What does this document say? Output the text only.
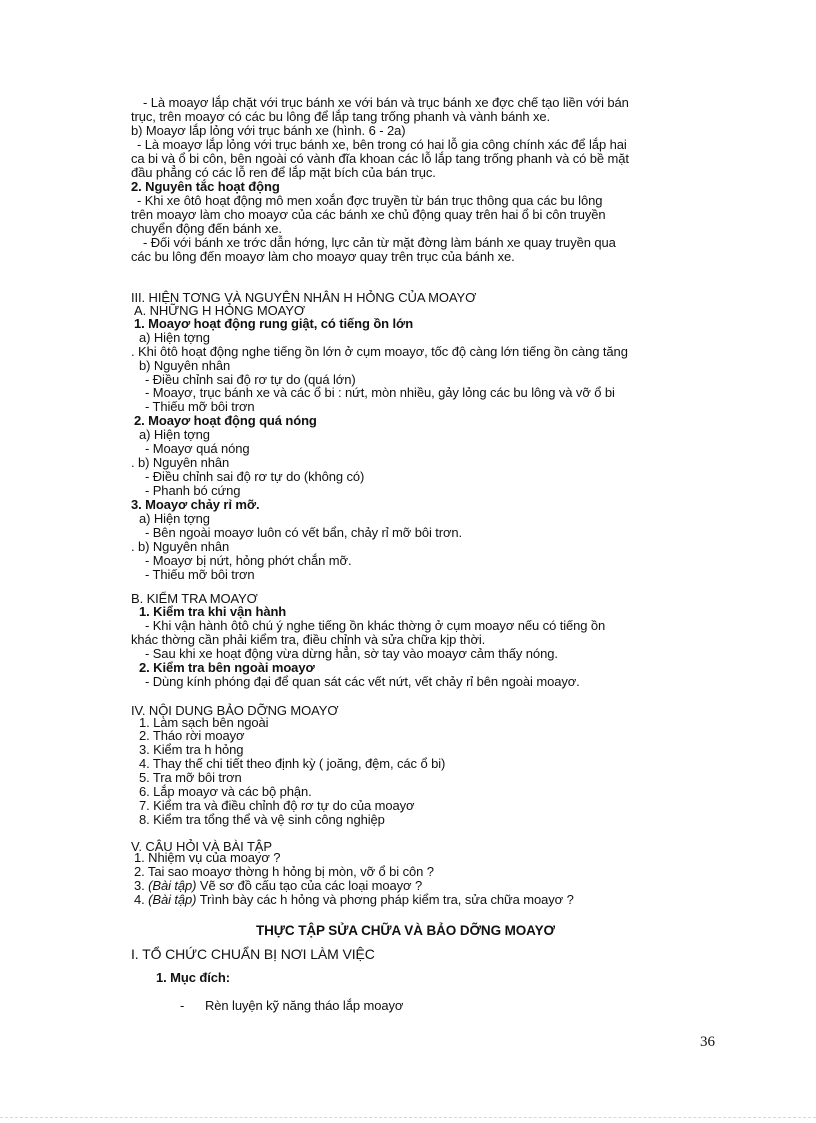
- Là moayơ lắp chặt với trục bánh xe với bán và trục bánh xe đợc chế tạo liền với bán
trục, trên moayơ có các bu lông để lắp tang trống phanh và vành bánh xe.
b) Moayơ lắp lỏng với trục bánh xe (hình. 6 - 2a)
- Là moayơ lắp lỏng với trục bánh xe, bên trong có hai lỗ gia công chính xác để lắp hai
ca bi và ổ bi côn, bên ngoài có vành đĩa khoan các lỗ lắp tang trống phanh và có bề mặt
đầu phẳng có các lỗ ren để lắp mặt bích của bán trục.
2. Nguyên tắc hoạt động
- Khi xe ôtô hoạt động mô men xoắn đợc truyền từ bán trục thông qua các bu lông
trên moayơ làm cho moayơ của các bánh xe chủ động quay trên hai ổ bi côn truyền
chuyển động đến bánh xe.
- Đối với bánh xe trớc dẫn hớng, lực cản từ mặt đờng làm bánh xe quay truyền qua
các bu lông đến moayơ làm cho moayơ quay trên trục của bánh xe.
III. HIỆN TƠNG VÀ NGUYÊN NHÂN H HỎNG CỦA MOAYƠ
A. NHỮNG H HỎNG MOAYƠ
1. Moayơ hoạt động rung giật, có tiếng ồn lớn
a) Hiện tợng
. Khi ôtô hoạt động nghe tiếng ồn lớn ở cụm moayơ, tốc độ càng lớn tiếng ồn càng tăng
b) Nguyên nhân
- Điều chỉnh sai độ rơ tự do (quá lớn)
- Moayơ, trục bánh xe và các ổ bi : nứt, mòn nhiều, gảy lỏng các bu lông và vỡ ổ bi
- Thiếu mỡ bôi trơn
2. Moayơ hoạt động quá nóng
a) Hiện tợng
- Moayơ quá nóng
. b) Nguyên nhân
- Điều chỉnh sai độ rơ tự do (không có)
- Phanh bó cứng
3. Moayơ chảy rỉ mỡ.
a) Hiện tợng
- Bên ngoài moayơ luôn có vết bẩn, chảy rỉ mỡ bôi trơn.
. b) Nguyên nhân
- Moayơ bị nứt, hỏng phớt chắn mỡ.
- Thiếu mỡ bôi trơn
B. KIỂM TRA MOAYƠ
1. Kiểm tra khi vận hành
- Khi vận hành ôtô chú ý nghe tiếng ồn khác thờng ở cụm moayơ nếu có tiếng ồn
khác thờng cần phải kiểm tra, điều chỉnh và sửa chữa kịp thời.
- Sau khi xe hoạt động vừa dừng hẳn, sờ tay vào moayơ cảm thấy nóng.
2. Kiểm tra bên ngoài moayơ
- Dùng kính phóng đại để quan sát các vết nứt, vết chảy rỉ bên ngoài moayơ.
IV. NỘI DUNG BẢO DỠNG MOAYƠ
1. Làm sạch bên ngoài
2. Tháo rời moayơ
3. Kiểm tra h hỏng
4. Thay thế chi tiết theo định kỳ ( joăng, đệm, các ổ bi)
5. Tra mỡ bôi trơn
6. Lắp moayơ và các bộ phận.
7. Kiểm tra và điều chỉnh độ rơ tự do của moayơ
8. Kiểm tra tổng thể và vệ sinh công nghiệp
V. CÂU HỎI VÀ BÀI TẬP
1. Nhiệm vụ của moayơ ?
2. Tai sao moayơ thờng h hỏng bị mòn, vỡ ổ bi côn ?
3. (Bài tập) Vẽ sơ đồ cấu tạo của các loại moayơ ?
4. (Bài tập) Trình bày các h hỏng và phơng pháp kiểm tra, sửa chữa moayơ ?
THỰC TẬP SỬA CHỮA VÀ BẢO DỠNG MOAYƠ
I. TỔ CHỨC CHUẨN BỊ NƠI LÀM VIỆC
1. Mục đích:
- Rèn luyện kỹ năng tháo lắp moayơ
36
